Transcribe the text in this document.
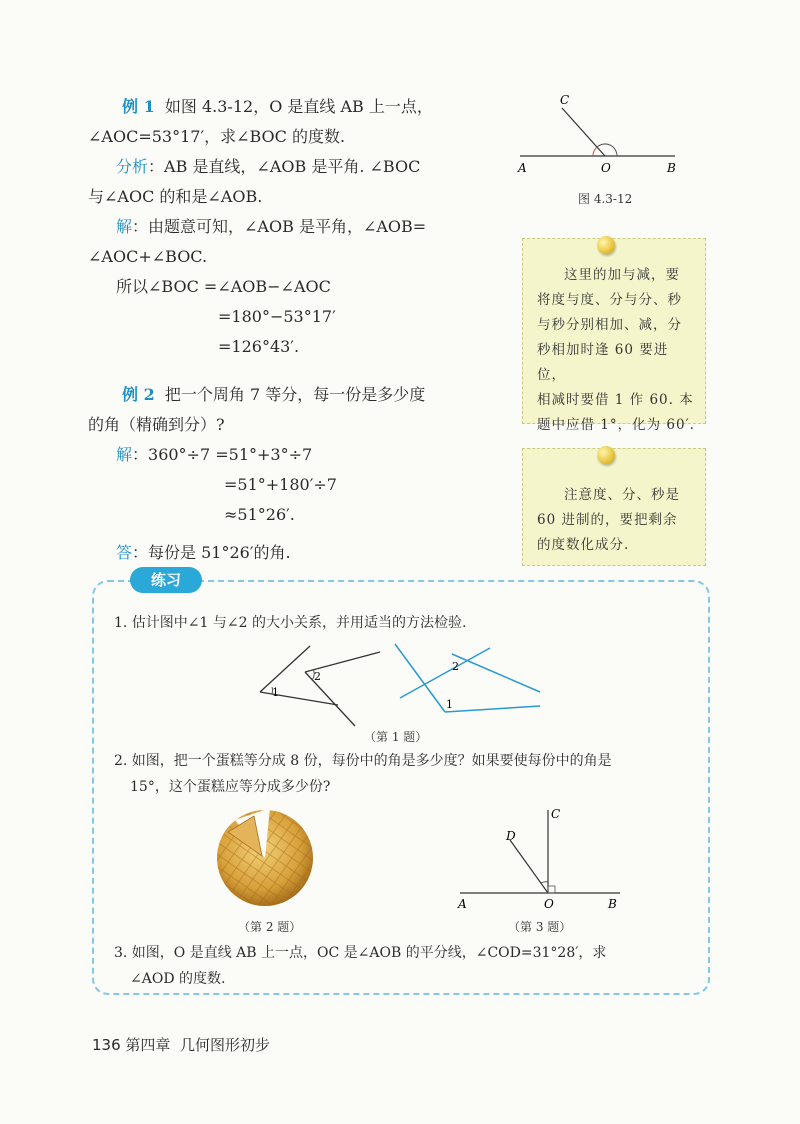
例 1 如图 4.3-12，O 是直线 AB 上一点，
∠AOC=53°17′，求∠BOC 的度数.
分析：AB 是直线，∠AOB 是平角. ∠BOC
与∠AOC 的和是∠AOB.
解：由题意可知，∠AOB 是平角，∠AOB=
∠AOC+∠BOC.
所以∠BOC =∠AOB−∠AOC
=180°−53°17′
=126°43′.
C
A	O	B
图 4.3-12
这里的加与减，要
将度与度、分与分、秒
与秒分别相加、减，分
秒相加时逢 60 要进位，
相减时要借 1 作 60. 本
题中应借 1°，化为 60′.
注意度、分、秒是
60 进制的，要把剩余
的度数化成分.
例 2 把一个周角 7 等分，每一份是多少度
的角（精确到分）?
解：360°÷7 =51°+3°÷7
=51°+180′÷7
≈51°26′.
答：每份是 51°26′的角.
练习
1. 估计图中∠1 与∠2 的大小关系，并用适当的方法检验.
1
2
2
1
（第 1 题）
2. 如图，把一个蛋糕等分成 8 份，每份中的角是多少度？如果要使每份中的角是
15°，这个蛋糕应等分成多少份?
（第 2 题）
C
D
A	O	B
（第 3 题）
3. 如图，O 是直线 AB 上一点，OC 是∠AOB 的平分线，∠COD=31°28′，求
∠AOD 的度数.
136 第四章 几何图形初步
